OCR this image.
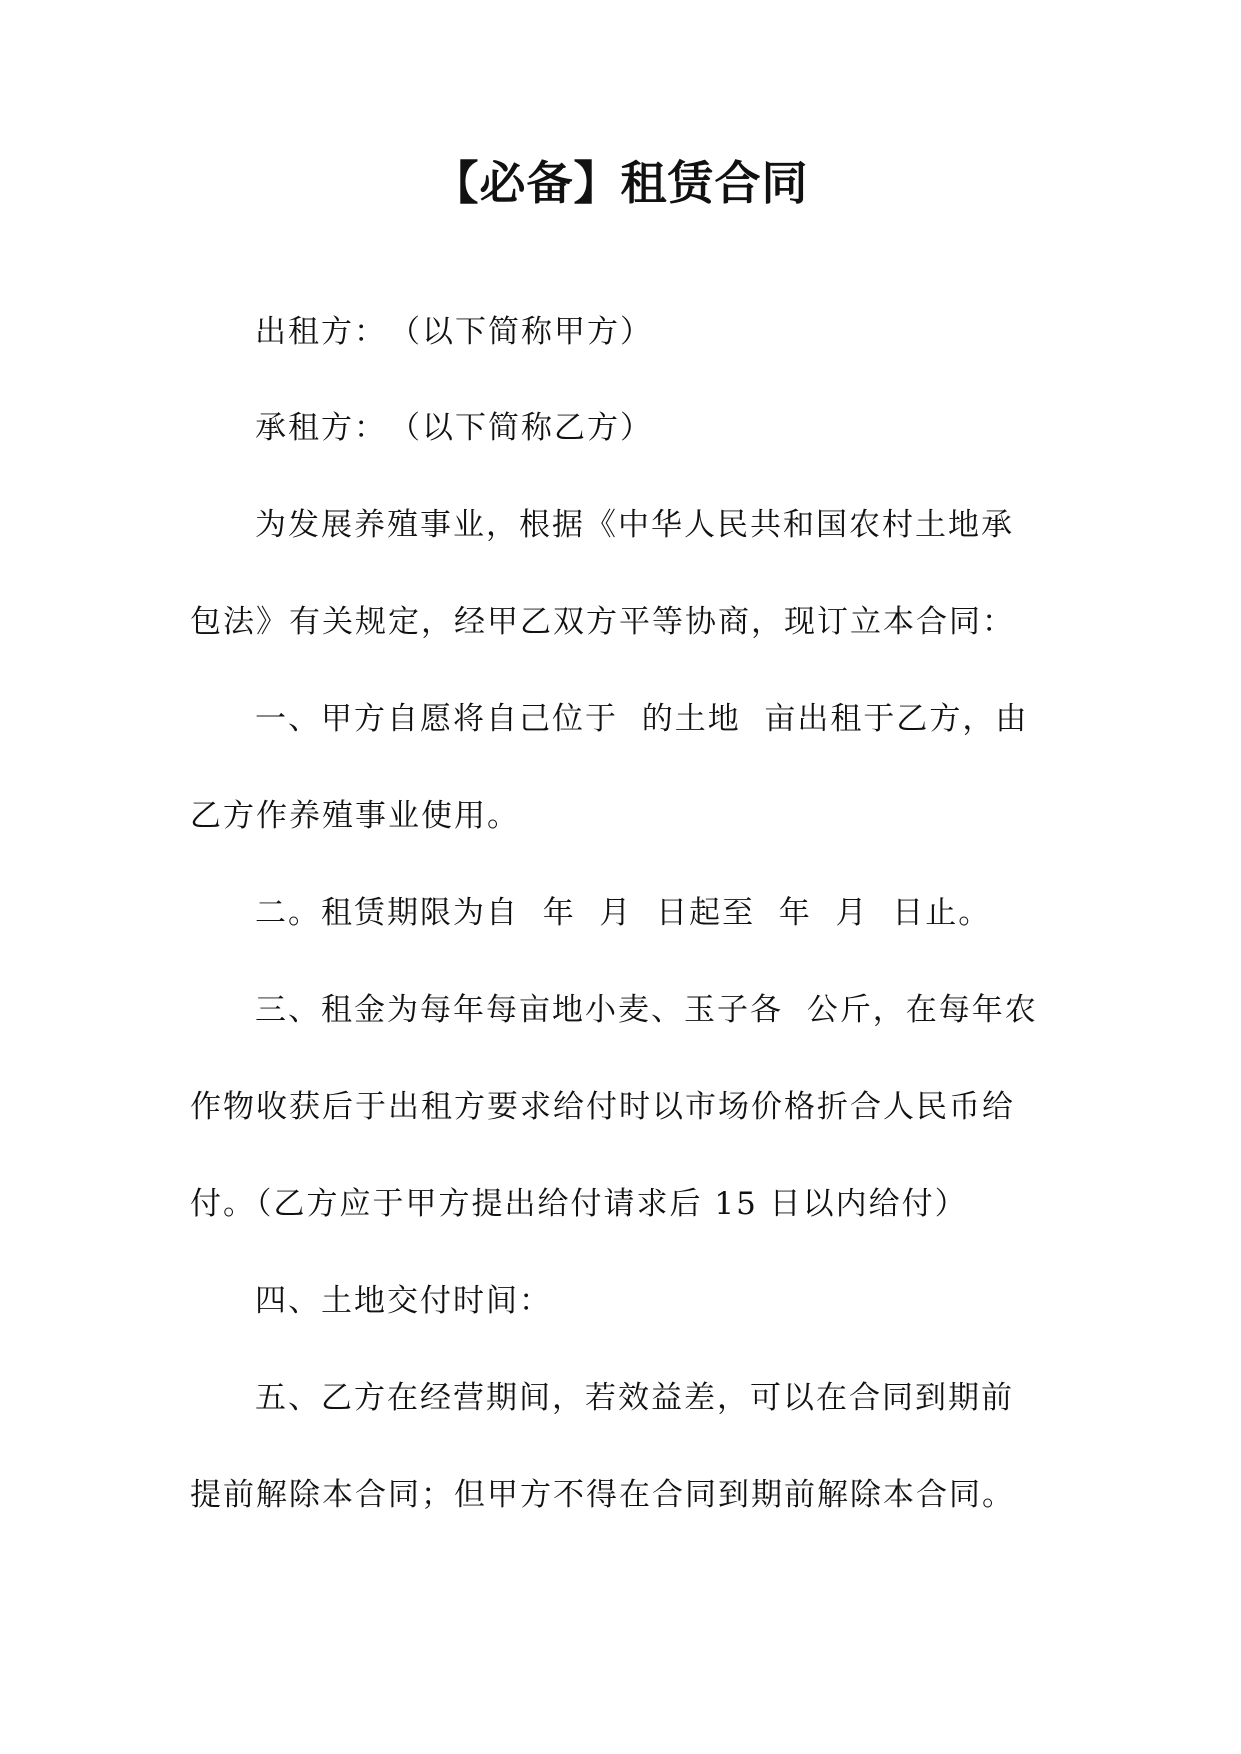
【必备】租赁合同
出租方：　（以下简称甲方）
承租方：　（以下简称乙方）
为发展养殖事业，根据《中华人民共和国农村土地承
包法》有关规定，经甲乙双方平等协商，现订立本合同：
一、甲方自愿将自己位于  的土地  亩出租于乙方，由
乙方作养殖事业使用。
二。租赁期限为自  年  月  日起至  年  月  日止。
三、租金为每年每亩地小麦、玉子各  公斤，在每年农
作物收获后于出租方要求给付时以市场价格折合人民币给
付。（乙方应于甲方提出给付请求后 15 日以内给付）
四、土地交付时间：
五、乙方在经营期间，若效益差，可以在合同到期前
提前解除本合同；但甲方不得在合同到期前解除本合同。
